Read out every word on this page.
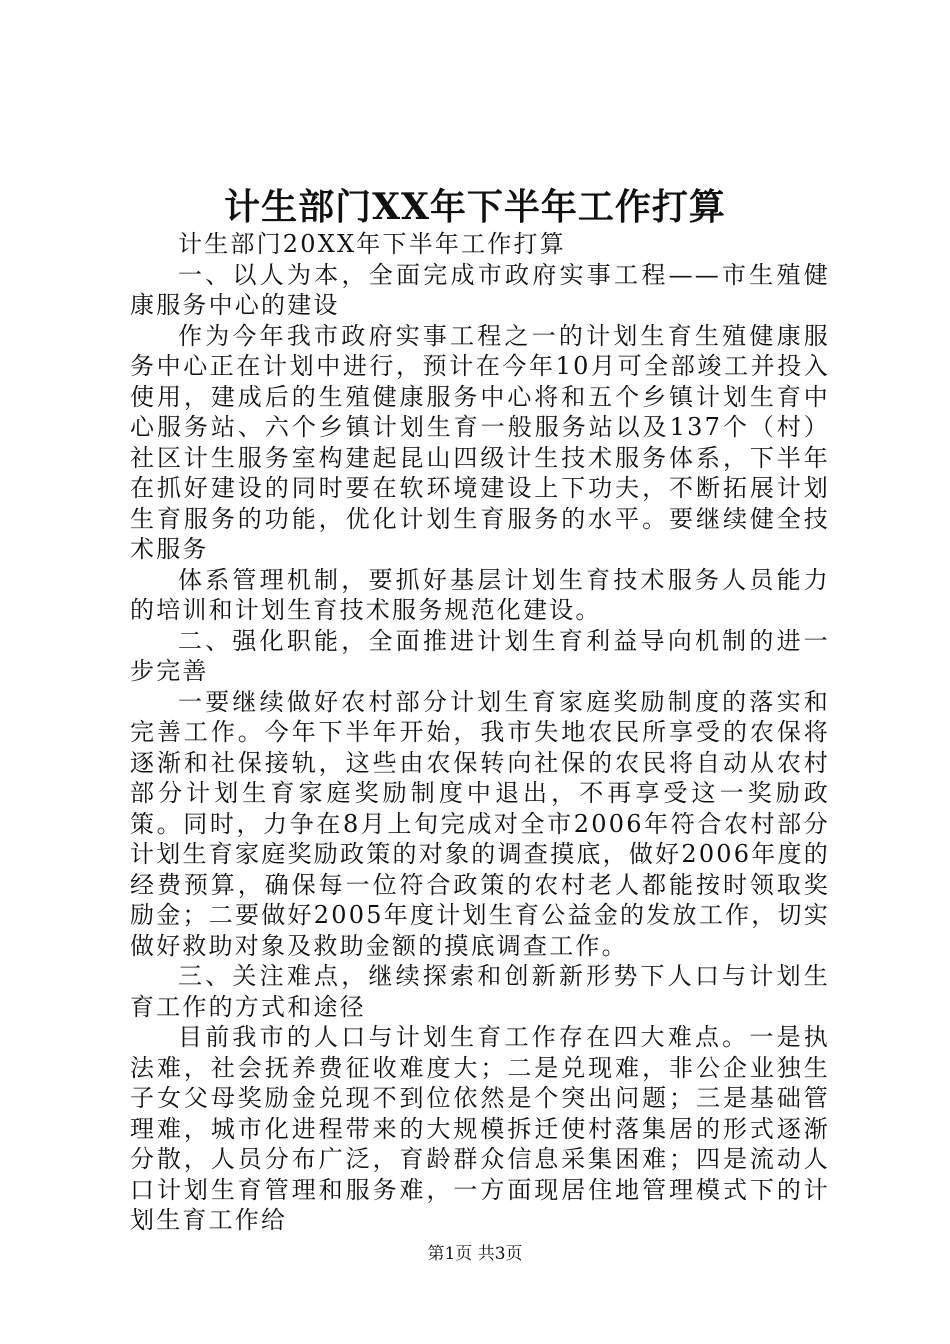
计生部门XX年下半年工作打算

计生部门20XX年下半年工作打算

一、以人为本，全面完成市政府实事工程——市生殖健康服务中心的建设

作为今年我市政府实事工程之一的计划生育生殖健康服务中心正在计划中进行，预计在今年10月可全部竣工并投入使用，建成后的生殖健康服务中心将和五个乡镇计划生育中心服务站、六个乡镇计划生育一般服务站以及137个（村）社区计生服务室构建起昆山四级计生技术服务体系，下半年在抓好建设的同时要在软环境建设上下功夫，不断拓展计划生育服务的功能，优化计划生育服务的水平。要继续健全技术服务

体系管理机制，要抓好基层计划生育技术服务人员能力的培训和计划生育技术服务规范化建设。

二、强化职能，全面推进计划生育利益导向机制的进一步完善

一要继续做好农村部分计划生育家庭奖励制度的落实和完善工作。今年下半年开始，我市失地农民所享受的农保将逐渐和社保接轨，这些由农保转向社保的农民将自动从农村部分计划生育家庭奖励制度中退出，不再享受这一奖励政策。同时，力争在8月上旬完成对全市2006年符合农村部分计划生育家庭奖励政策的对象的调查摸底，做好2006年度的经费预算，确保每一位符合政策的农村老人都能按时领取奖励金；二要做好2005年度计划生育公益金的发放工作，切实做好救助对象及救助金额的摸底调查工作。

三、关注难点，继续探索和创新新形势下人口与计划生育工作的方式和途径

目前我市的人口与计划生育工作存在四大难点。一是执法难，社会抚养费征收难度大；二是兑现难，非公企业独生子女父母奖励金兑现不到位依然是个突出问题；三是基础管理难，城市化进程带来的大规模拆迁使村落集居的形式逐渐分散，人员分布广泛，育龄群众信息采集困难；四是流动人口计划生育管理和服务难，一方面现居住地管理模式下的计划生育工作给

第1页 共3页
